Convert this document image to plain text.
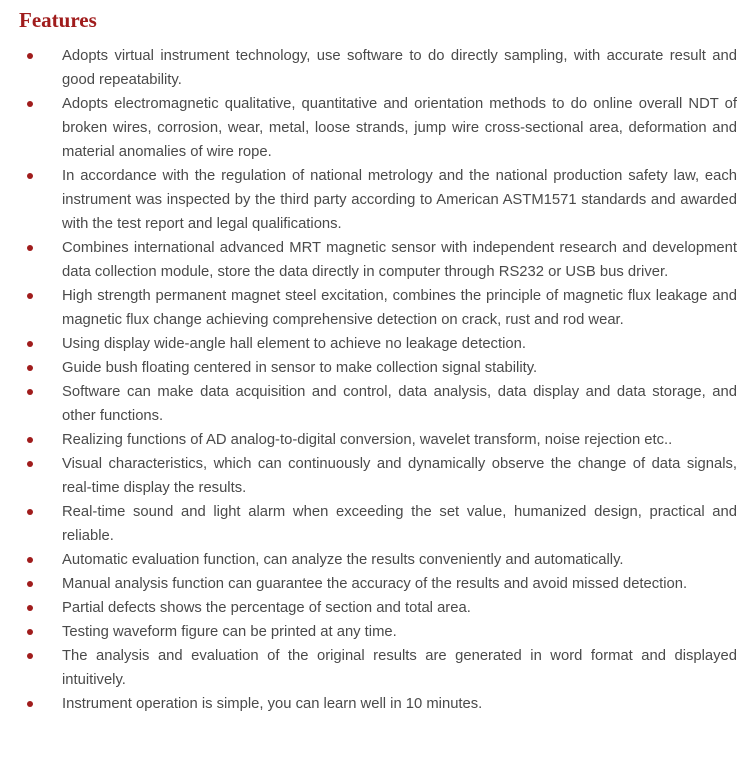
Features
Adopts virtual instrument technology, use software to do directly sampling, with accurate result and good repeatability.
Adopts electromagnetic qualitative, quantitative and orientation methods to do online overall NDT of broken wires, corrosion, wear, metal, loose strands, jump wire cross-sectional area, deformation and material anomalies of wire rope.
In accordance with the regulation of national metrology and the national production safety law, each instrument was inspected by the third party according to American ASTM1571 standards and awarded with the test report and legal qualifications.
Combines international advanced MRT magnetic sensor with independent research and development data collection module, store the data directly in computer through RS232 or USB bus driver.
High strength permanent magnet steel excitation, combines the principle of magnetic flux leakage and magnetic flux change achieving comprehensive detection on crack, rust and rod wear.
Using display wide-angle hall element to achieve no leakage detection.
Guide bush floating centered in sensor to make collection signal stability.
Software can make data acquisition and control, data analysis, data display and data storage, and other functions.
Realizing functions of AD analog-to-digital conversion, wavelet transform, noise rejection etc..
Visual characteristics, which can continuously and dynamically observe the change of data signals, real-time display the results.
Real-time sound and light alarm when exceeding the set value, humanized design, practical and reliable.
Automatic evaluation function, can analyze the results conveniently and automatically.
Manual analysis function can guarantee the accuracy of the results and avoid missed detection.
Partial defects shows the percentage of section and total area.
Testing waveform figure can be printed at any time.
The analysis and evaluation of the original results are generated in word format and displayed intuitively.
Instrument operation is simple, you can learn well in 10 minutes.
